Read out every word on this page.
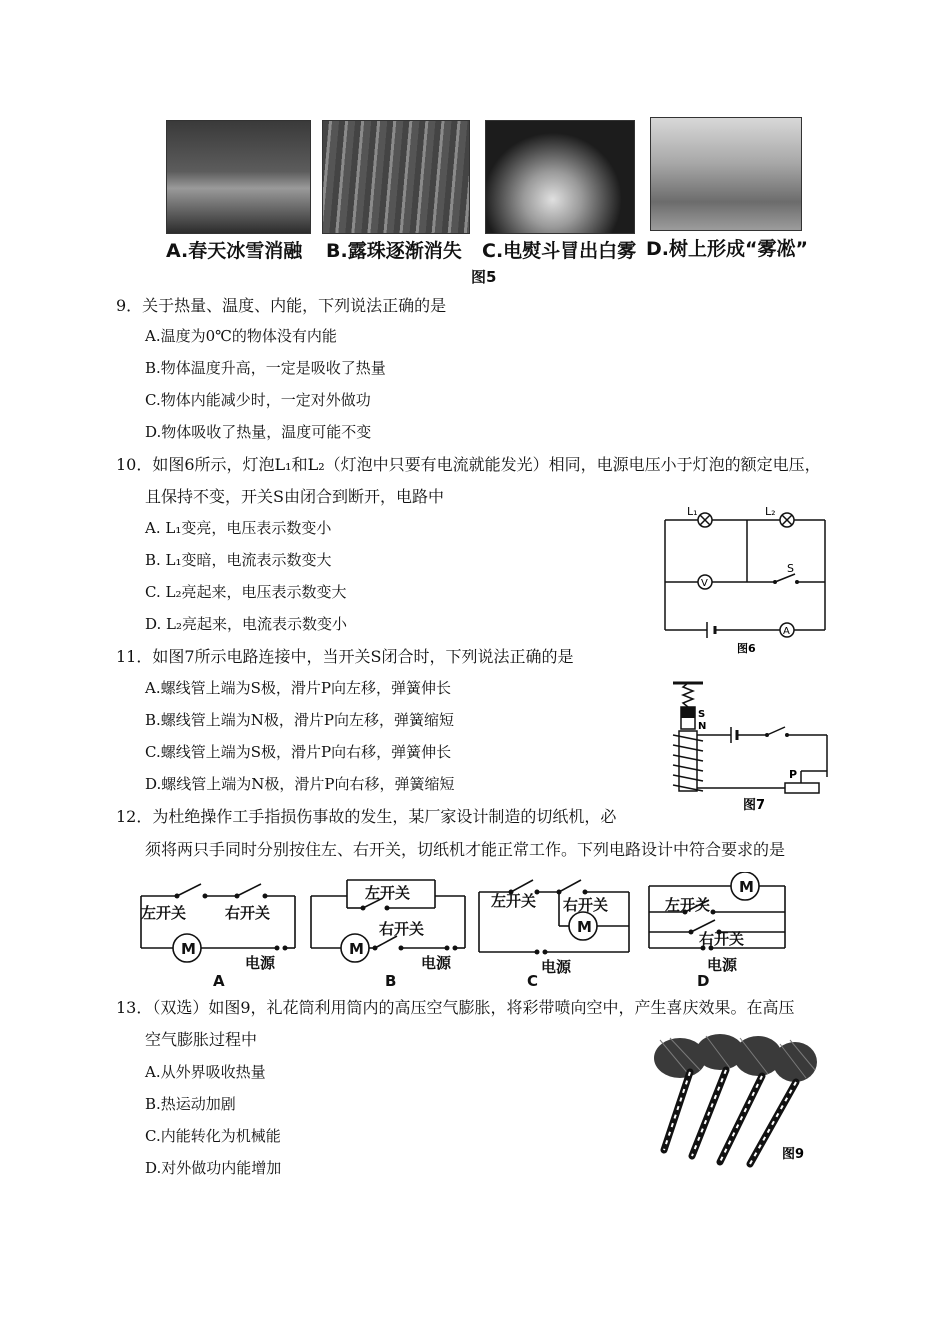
A.春天冰雪消融 B.露珠逐渐消失 C.电熨斗冒出白雾 D.树上形成“雾凇”
图5
9．关于热量、温度、内能，下列说法正确的是
A.温度为0℃的物体没有内能
B.物体温度升高，一定是吸收了热量
C.物体内能减少时，一定对外做功
D.物体吸收了热量，温度可能不变
10．如图6所示，灯泡L₁和L₂（灯泡中只要有电流就能发光）相同，电源电压小于灯泡的额定电压，
且保持不变，开关S由闭合到断开，电路中
A. L₁变亮，电压表示数变小
B. L₁变暗，电流表示数变大
C. L₂亮起来，电压表示数变大
D. L₂亮起来，电流表示数变小
L₁	L₂
V
S
A
图6
11．如图7所示电路连接中，当开关S闭合时，下列说法正确的是
A.螺线管上端为S极，滑片P向左移，弹簧伸长
B.螺线管上端为N极，滑片P向左移，弹簧缩短
C.螺线管上端为S极，滑片P向右移，弹簧伸长
D.螺线管上端为N极，滑片P向右移，弹簧缩短
S
N
P
图7
12．为杜绝操作工手指损伤事故的发生，某厂家设计制造的切纸机，必
须将两只手同时分别按住左、右开关，切纸机才能正常工作。下列电路设计中符合要求的是
左开关	右开关
M
电源
A
左开关
右开关
M
电源
B
左开关 右开关
M
电源
C
M
左开关
右开关
电源
D
13．（双选）如图9，礼花筒利用筒内的高压空气膨胀，将彩带喷向空中，产生喜庆效果。在高压
空气膨胀过程中
A.从外界吸收热量
B.热运动加剧
C.内能转化为机械能
D.对外做功内能增加
图9
